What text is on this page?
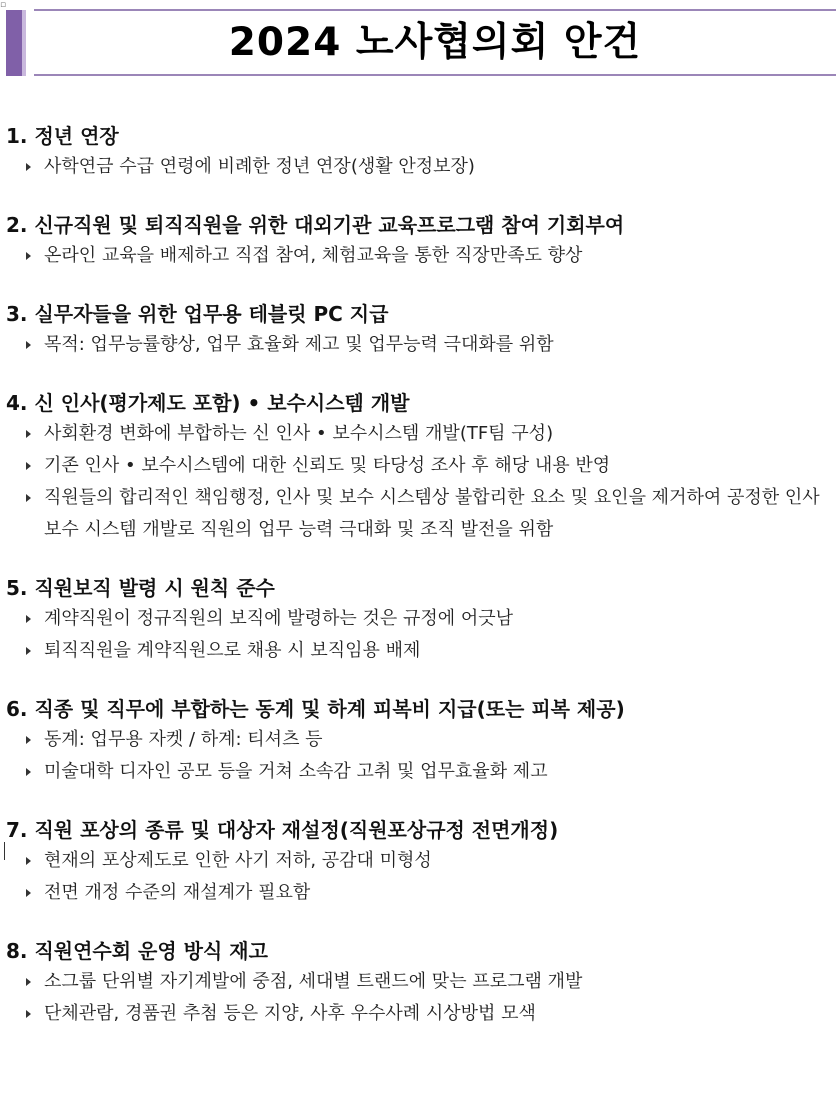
▫
2024 노사협의회 안건

1. 정년 연장

사학연금 수급 연령에 비례한 정년 연장(생활 안정보장)

2. 신규직원 및 퇴직직원을 위한 대외기관 교육프로그램 참여 기회부여

온라인 교육을 배제하고 직접 참여, 체험교육을 통한 직장만족도 향상

3. 실무자들을 위한 업무용 테블릿 PC 지급

목적: 업무능률향상, 업무 효율화 제고 및 업무능력 극대화를 위함

4. 신 인사(평가제도 포함) • 보수시스템 개발

사회환경 변화에 부합하는 신 인사 • 보수시스템 개발(TF팀 구성)
기존 인사 • 보수시스템에 대한 신뢰도 및 타당성 조사 후 해당 내용 반영
직원들의 합리적인 책임행정, 인사 및 보수 시스템상 불합리한 요소 및 요인을 제거하여 공정한 인사 보수 시스템 개발로 직원의 업무 능력 극대화 및 조직 발전을 위함

5. 직원보직 발령 시 원칙 준수

계약직원이 정규직원의 보직에 발령하는 것은 규정에 어긋남
퇴직직원을 계약직원으로 채용 시 보직임용 배제

6. 직종 및 직무에 부합하는 동계 및 하계 피복비 지급(또는 피복 제공)

동계: 업무용 자켓 / 하계: 티셔츠 등
미술대학 디자인 공모 등을 거쳐 소속감 고취 및 업무효율화 제고

7. 직원 포상의 종류 및 대상자 재설정(직원포상규정 전면개정)

현재의 포상제도로 인한 사기 저하, 공감대 미형성
전면 개정 수준의 재설계가 필요함

8. 직원연수회 운영 방식 재고

소그룹 단위별 자기계발에 중점, 세대별 트랜드에 맞는 프로그램 개발
단체관람, 경품권 추첨 등은 지양, 사후 우수사례 시상방법 모색
